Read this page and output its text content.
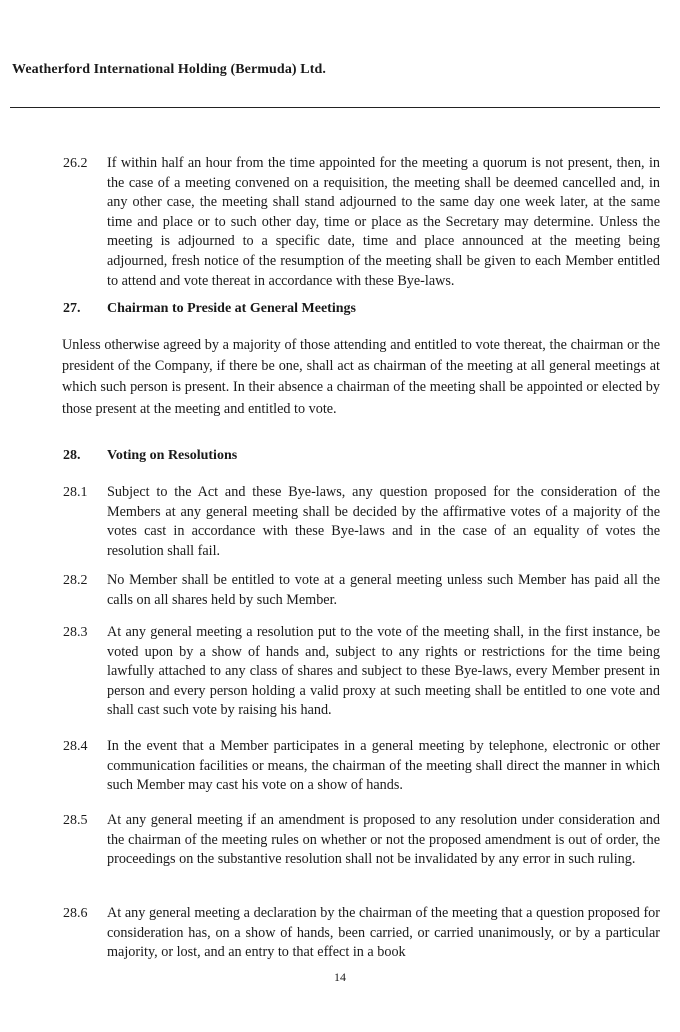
Weatherford International Holding (Bermuda) Ltd.
26.2 If within half an hour from the time appointed for the meeting a quorum is not present, then, in the case of a meeting convened on a requisition, the meeting shall be deemed cancelled and, in any other case, the meeting shall stand adjourned to the same day one week later, at the same time and place or to such other day, time or place as the Secretary may determine. Unless the meeting is adjourned to a specific date, time and place announced at the meeting being adjourned, fresh notice of the resumption of the meeting shall be given to each Member entitled to attend and vote thereat in accordance with these Bye-laws.
27. Chairman to Preside at General Meetings
Unless otherwise agreed by a majority of those attending and entitled to vote thereat, the chairman or the president of the Company, if there be one, shall act as chairman of the meeting at all general meetings at which such person is present. In their absence a chairman of the meeting shall be appointed or elected by those present at the meeting and entitled to vote.
28. Voting on Resolutions
28.1 Subject to the Act and these Bye-laws, any question proposed for the consideration of the Members at any general meeting shall be decided by the affirmative votes of a majority of the votes cast in accordance with these Bye-laws and in the case of an equality of votes the resolution shall fail.
28.2 No Member shall be entitled to vote at a general meeting unless such Member has paid all the calls on all shares held by such Member.
28.3 At any general meeting a resolution put to the vote of the meeting shall, in the first instance, be voted upon by a show of hands and, subject to any rights or restrictions for the time being lawfully attached to any class of shares and subject to these Bye-laws, every Member present in person and every person holding a valid proxy at such meeting shall be entitled to one vote and shall cast such vote by raising his hand.
28.4 In the event that a Member participates in a general meeting by telephone, electronic or other communication facilities or means, the chairman of the meeting shall direct the manner in which such Member may cast his vote on a show of hands.
28.5 At any general meeting if an amendment is proposed to any resolution under consideration and the chairman of the meeting rules on whether or not the proposed amendment is out of order, the proceedings on the substantive resolution shall not be invalidated by any error in such ruling.
28.6 At any general meeting a declaration by the chairman of the meeting that a question proposed for consideration has, on a show of hands, been carried, or carried unanimously, or by a particular majority, or lost, and an entry to that effect in a book
14
